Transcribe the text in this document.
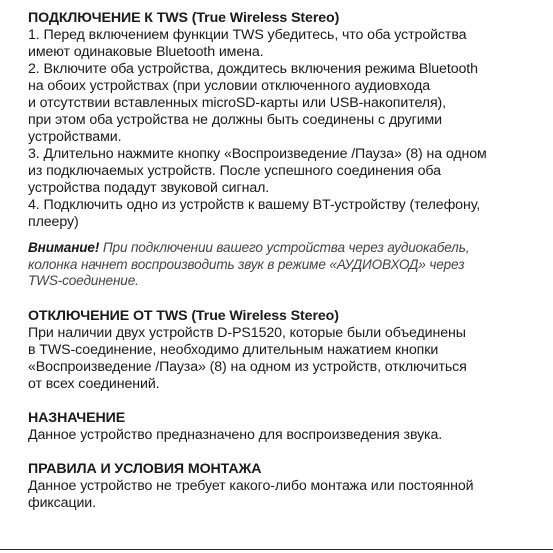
ПОДКЛЮЧЕНИЕ К TWS (True Wireless Stereo)

1. Перед включением функции TWS убедитесь, что оба устройства

имеют одинаковые Bluetooth имена.

2. Включите оба устройства, дождитесь включения режима Bluetooth

на обоих устройствах (при условии отключенного аудиовхода

и отсутствии вставленных microSD-карты или USB-накопителя),

при этом оба устройства не должны быть соединены с другими

устройствами.

3. Длительно нажмите кнопку «Воспроизведение /Пауза» (8) на одном

из подключаемых устройств. После успешного соединения оба

устройства подадут звуковой сигнал.

4. Подключить одно из устройств к вашему BT-устройству (телефону,

плееру)

Внимание! При подключении вашего устройства через аудиокабель,

колонка начнет воспроизводить звук в режиме «АУДИОВХОД» через

TWS-соединение.

ОТКЛЮЧЕНИЕ ОТ TWS (True Wireless Stereo)

При наличии двух устройств D-PS1520, которые были объединены

в TWS-соединение, необходимо длительным нажатием кнопки

«Воспроизведение /Пауза» (8) на одном из устройств, отключиться

от всех соединений.

НАЗНАЧЕНИЕ

Данное устройство предназначено для воспроизведения звука.

ПРАВИЛА И УСЛОВИЯ МОНТАЖА

Данное устройство не требует какого-либо монтажа или постоянной

фиксации.
